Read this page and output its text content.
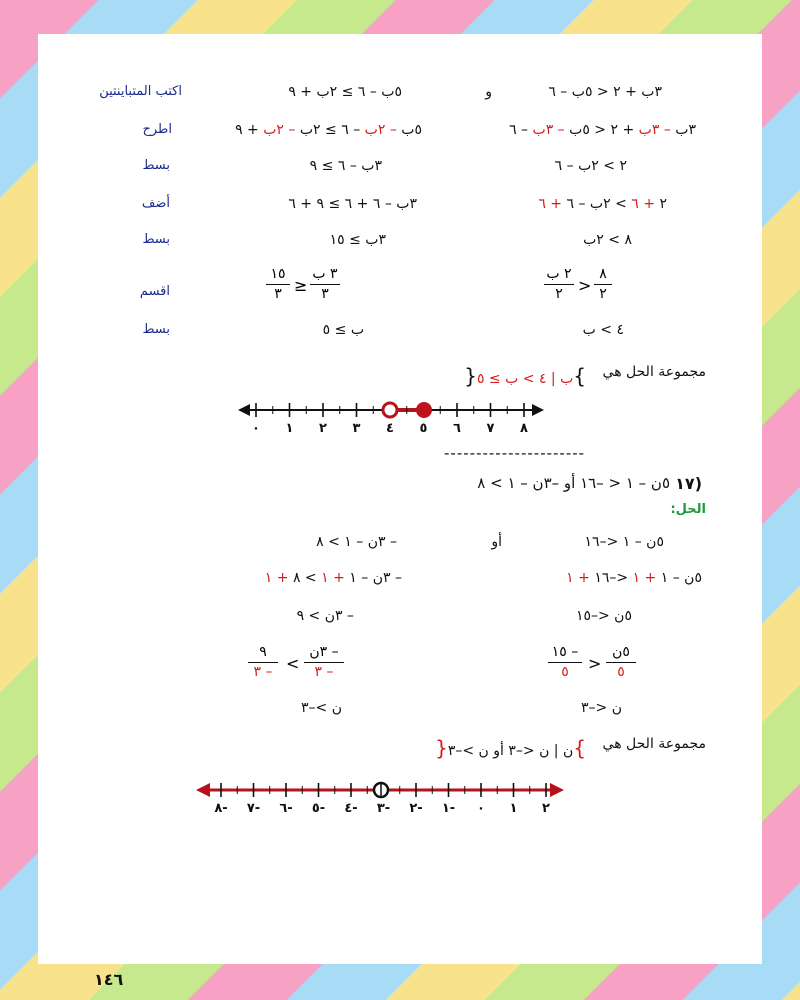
٣ب + ٢ < ٥ب – ٦
و
٥ب – ٦ ≥ ٢ب + ٩
اكتب المتباينتين
٣ب – ٣ب + ٢ < ٥ب – ٣ب – ٦
٥ب – ٢ب – ٦ ≥ ٢ب – ٢ب + ٩
اطرح
٢ > ٢ب – ٦
٣ب – ٦ ≥ ٩
بسط
٢ + ٦ > ٢ب – ٦ + ٦
٣ب – ٦ + ٦ ≥ ٩ + ٦
أضف
٨ > ٢ب
٣ب ≥ ١٥
بسط
٢ ب
٢ >
٨
٢
١٥
٣ ≥
٣ ب
٣
اقسم
٤ > ب
ب ≥ ٥
بسط
مجموعة الحل هي
}ب | ٤ > ب ≥ ٥{
٠ ١ ٢ ٣ ٤ ٥ ٦ ٧ ٨
----------------------
١٧)
٥ن – ١ < –١٦ أو –٣ن – ١ > ٨
الحل:
٥ن – ١ <–١٦
أو
– ٣ن – ١ > ٨
٥ن – ١ + ١ <–١٦ + ١
– ٣ن – ١ + ١ > ٨ + ١
٥ن <–١٥
– ٣ن > ٩
١٥ –
٥	>
٥ن
٥
٩
٣ – <
٣ن –
٣ –
ن <–٣
ن >–٣
مجموعة الحل هي
}ن | ن <–٣ أو ن >–٣{
٢
١
٠
١-
٢-
٣-
٤-
٥-
٦-
٧-
٨-
١٤٦
